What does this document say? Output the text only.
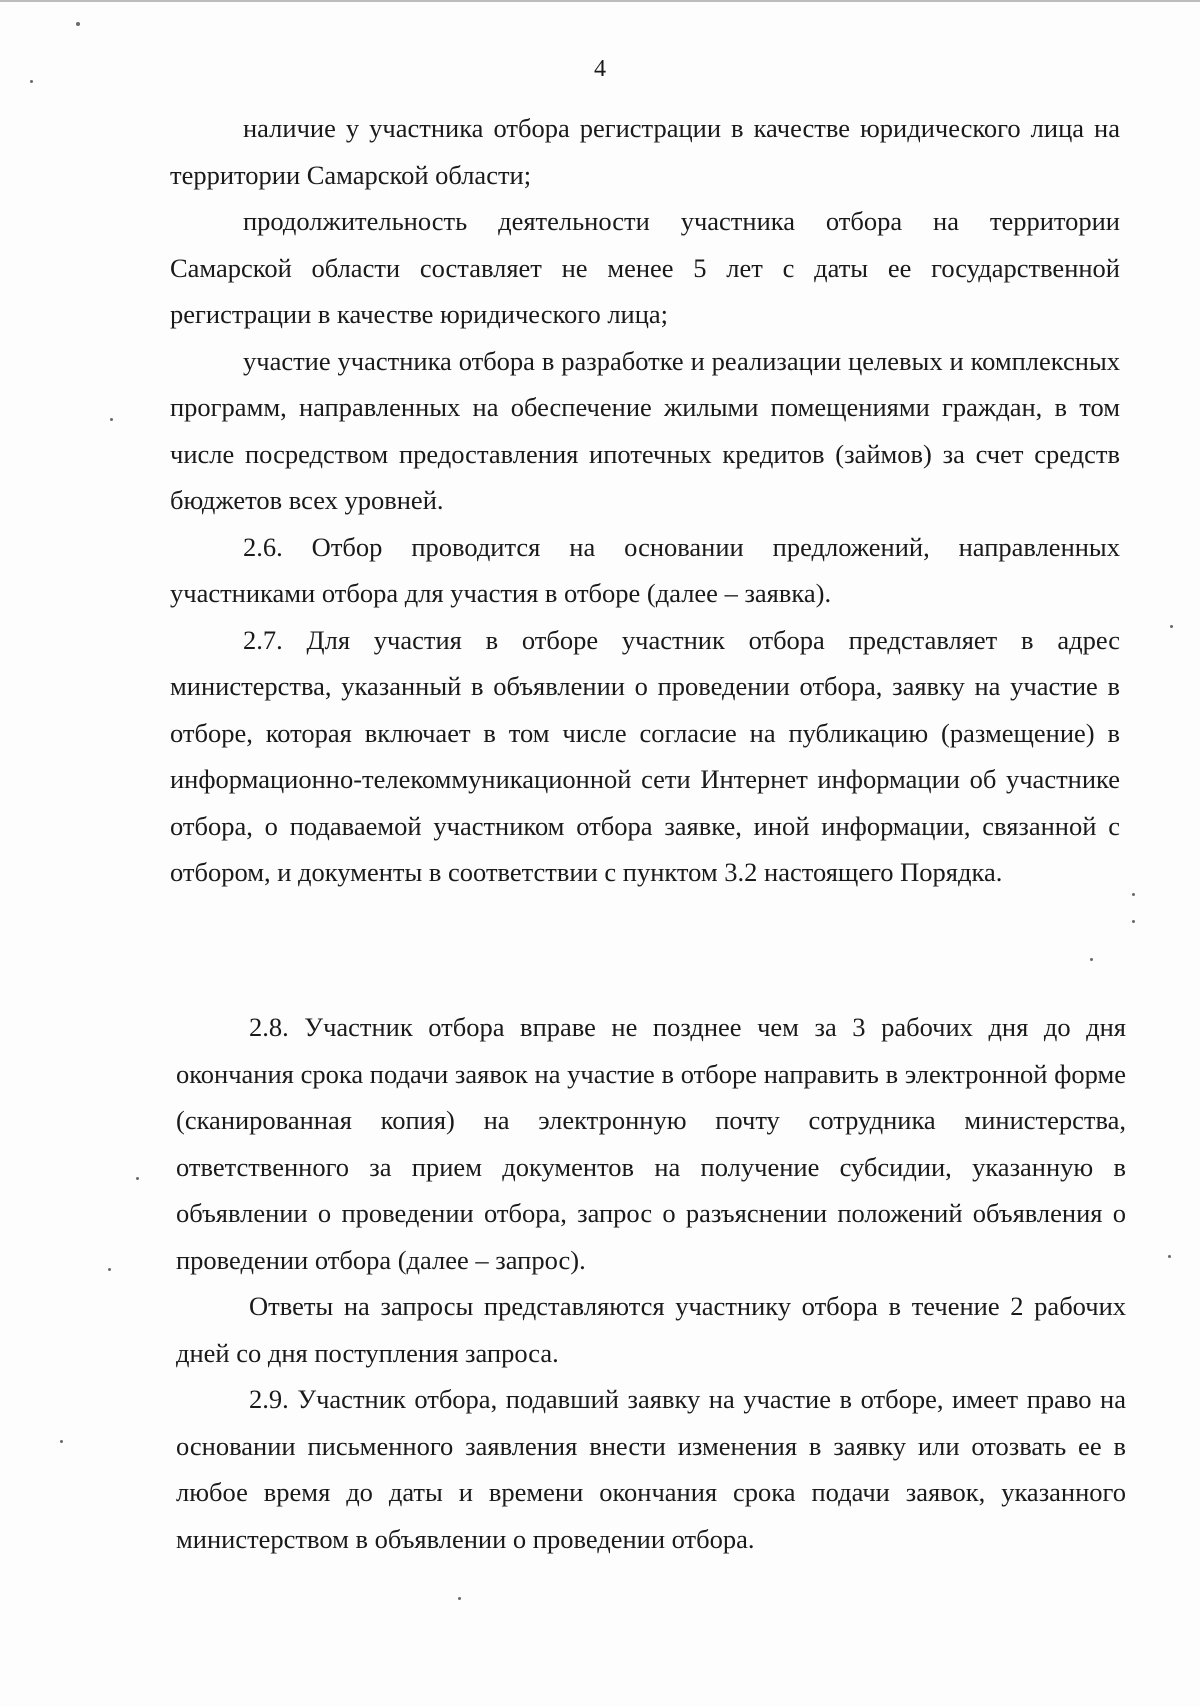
4

наличие у участника отбора регистрации в качестве юридического лица на территории Самарской области;

продолжительность деятельности участника отбора на территории Самарской области составляет не менее 5 лет с даты ее государственной регистрации в качестве юридического лица;

участие участника отбора в разработке и реализации целевых и комплексных программ, направленных на обеспечение жилыми помещениями граждан, в том числе посредством предоставления ипотечных кредитов (займов) за счет средств бюджетов всех уровней.

2.6. Отбор проводится на основании предложений, направленных участниками отбора для участия в отборе (далее – заявка).

2.7. Для участия в отборе участник отбора представляет в адрес министерства, указанный в объявлении о проведении отбора, заявку на участие в отборе, которая включает в том числе согласие на публикацию (размещение) в информационно-телекоммуникационной сети Интернет информации об участнике отбора, о подаваемой участником отбора заявке, иной информации, связанной с отбором, и документы в соответствии с пунктом 3.2 настоящего Порядка.

2.8. Участник отбора вправе не позднее чем за 3 рабочих дня до дня окончания срока подачи заявок на участие в отборе направить в электронной форме (сканированная копия) на электронную почту сотрудника министерства, ответственного за прием документов на получение субсидии, указанную в объявлении о проведении отбора, запрос о разъяснении положений объявления о проведении отбора (далее – запрос).

Ответы на запросы представляются участнику отбора в течение 2 рабочих дней со дня поступления запроса.

2.9. Участник отбора, подавший заявку на участие в отборе, имеет право на основании письменного заявления внести изменения в заявку или отозвать ее в любое время до даты и времени окончания срока подачи заявок, указанного министерством в объявлении о проведении отбора.
